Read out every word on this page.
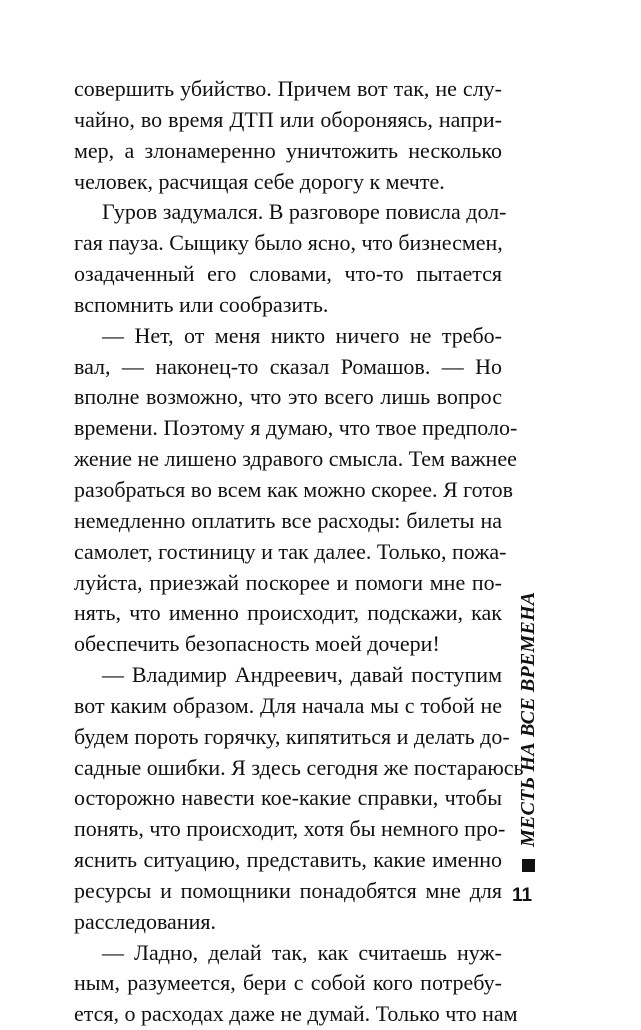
совершить убийство. Причем вот так, не слу-
чайно, во время ДТП или обороняясь, напри-
мер, а злонамеренно уничтожить несколько
человек, расчищая себе дорогу к мечте.
Гуров задумался. В разговоре повисла дол-
гая пауза. Сыщику было ясно, что бизнесмен,
озадаченный его словами, что-то пытается
вспомнить или сообразить.
— Нет, от меня никто ничего не требо-
вал, — наконец-то сказал Ромашов. — Но
вполне возможно, что это всего лишь вопрос
времени. Поэтому я думаю, что твое предполо-
жение не лишено здравого смысла. Тем важнее
разобраться во всем как можно скорее. Я готов
немедленно оплатить все расходы: билеты на
самолет, гостиницу и так далее. Только, пожа-
луйста, приезжай поскорее и помоги мне по-
нять, что именно происходит, подскажи, как
обеспечить безопасность моей дочери!
— Владимир Андреевич, давай поступим
вот каким образом. Для начала мы с тобой не
будем пороть горячку, кипятиться и делать до-
садные ошибки. Я здесь сегодня же постараюсь
осторожно навести кое-какие справки, чтобы
понять, что происходит, хотя бы немного про-
яснить ситуацию, представить, какие именно
ресурсы и помощники понадобятся мне для
расследования.
— Ладно, делай так, как считаешь нуж-
ным, разумеется, бери с собой кого потребу-
ется, о расходах даже не думай. Только что нам
МЕСТЬ НА ВСЕ ВРЕМЕНА
11
